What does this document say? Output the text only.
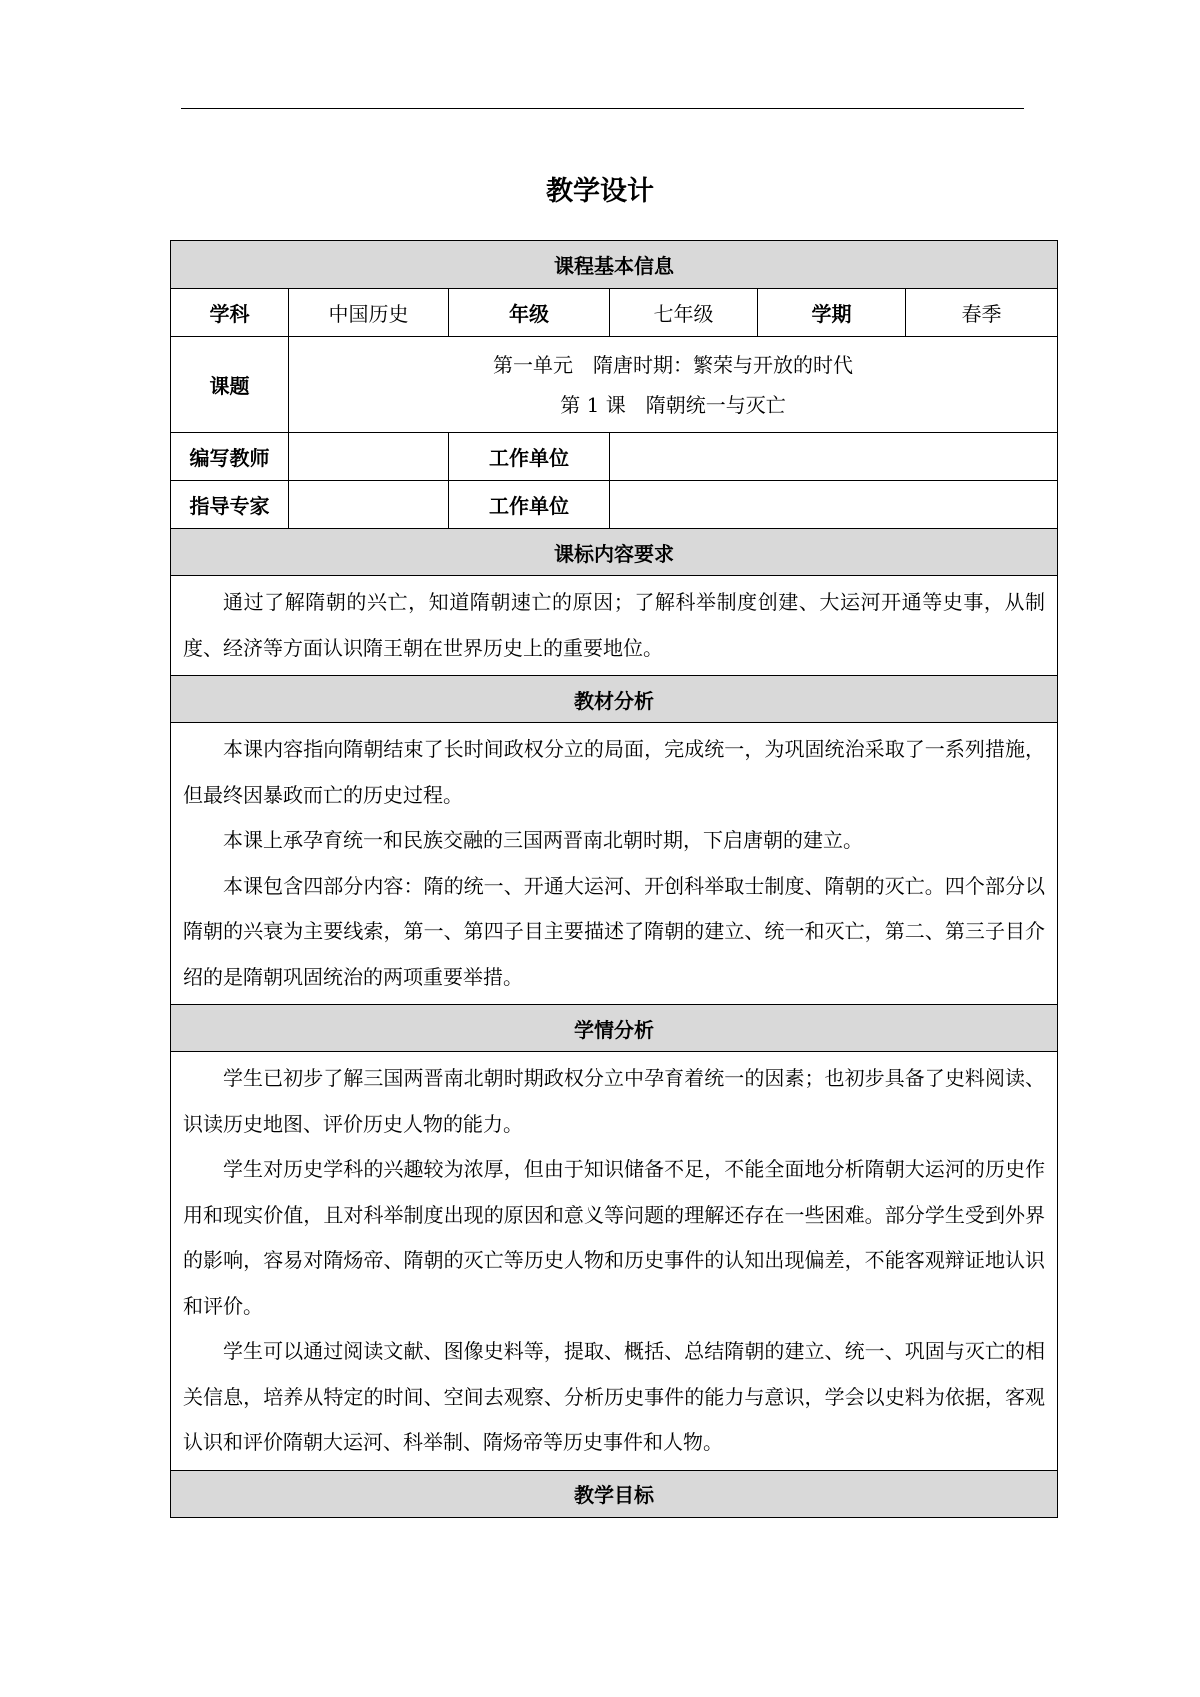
教学设计
课程基本信息					
学科	中国历史	年级	七年级	学期	春季
课题	第一单元　隋唐时期：繁荣与开放的时代
第 1 课　隋朝统一与灭亡				

编写教师		工作单位			
指导专家		工作单位			
课标内容要求					

通过了解隋朝的兴亡，知道隋朝速亡的原因；了解科举制度创建、大运河开通等史事，从制度、经济等方面认识隋王朝在世界历史上的重要地位。					

教材分析					

本课内容指向隋朝结束了长时间政权分立的局面，完成统一，为巩固统治采取了一系列措施，但最终因暴政而亡的历史过程。

本课上承孕育统一和民族交融的三国两晋南北朝时期，下启唐朝的建立。

本课包含四部分内容：隋的统一、开通大运河、开创科举取士制度、隋朝的灭亡。四个部分以隋朝的兴衰为主要线索，第一、第四子目主要描述了隋朝的建立、统一和灭亡，第二、第三子目介绍的是隋朝巩固统治的两项重要举措。					

学情分析					

学生已初步了解三国两晋南北朝时期政权分立中孕育着统一的因素；也初步具备了史料阅读、识读历史地图、评价历史人物的能力。

学生对历史学科的兴趣较为浓厚，但由于知识储备不足，不能全面地分析隋朝大运河的历史作用和现实价值，且对科举制度出现的原因和意义等问题的理解还存在一些困难。部分学生受到外界的影响，容易对隋炀帝、隋朝的灭亡等历史人物和历史事件的认知出现偏差，不能客观辩证地认识和评价。

学生可以通过阅读文献、图像史料等，提取、概括、总结隋朝的建立、统一、巩固与灭亡的相关信息，培养从特定的时间、空间去观察、分析历史事件的能力与意识，学会以史料为依据，客观认识和评价隋朝大运河、科举制、隋炀帝等历史事件和人物。					

教学目标					
